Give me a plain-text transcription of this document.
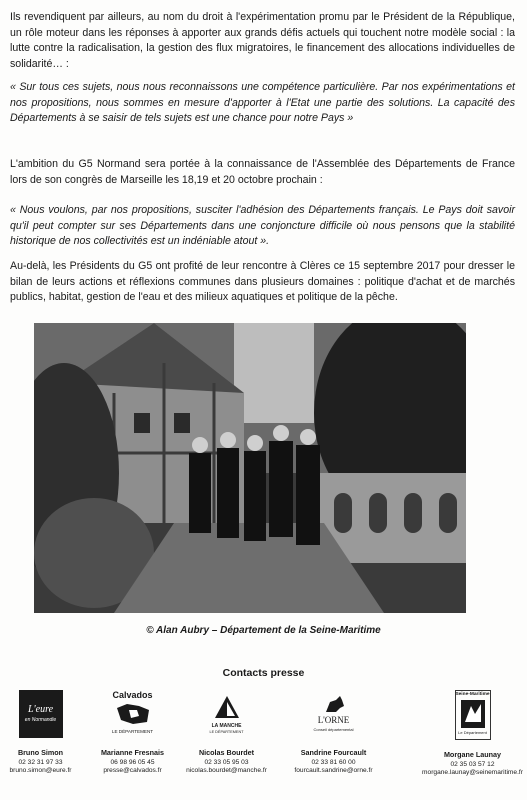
Ils revendiquent par ailleurs, au nom du droit à l'expérimentation promu par le Président de la République, un rôle moteur dans les réponses à apporter aux grands défis actuels qui touchent notre modèle social : la lutte contre la radicalisation, la gestion des flux migratoires, le financement des allocations individuelles de solidarité… :

« Sur tous ces sujets, nous nous reconnaissons une compétence particulière. Par nos expérimentations et nos propositions, nous sommes en mesure d'apporter à l'Etat une partie des solutions. La capacité des Départements à se saisir de tels sujets est une chance pour notre Pays »

L'ambition du G5 Normand sera portée à la connaissance de l'Assemblée des Départements de France lors de son congrès de Marseille les 18,19 et 20 octobre prochain :

« Nous voulons, par nos propositions, susciter l'adhésion des Départements français. Le Pays doit savoir qu'il peut compter sur ses Départements dans une conjoncture difficile où nous pensons que la stabilité historique de nos collectivités est un indéniable atout ».

Au-delà, les Présidents du G5 ont profité de leur rencontre à Clères ce 15 septembre 2017 pour dresser le bilan de leurs actions et réflexions communes dans plusieurs domaines : politique d'achat et de marchés publics, habitat, gestion de l'eau et des milieux aquatiques et politique de la pêche.

© Alan Aubry – Département de la Seine-Maritime
Contacts presse
L'eure
en Normandie
Bruno Simon
02 32 31 97 33
bruno.simon@eure.fr
Calvados
LE DÉPARTEMENT
Marianne Fresnais
06 98 96 05 45
presse@calvados.fr
LA MANCHE
LE DÉPARTEMENT
Nicolas Bourdet
02 33 05 95 03
nicolas.bourdet@manche.fr
L'ORNE
Conseil départemental
Sandrine Fourcault
02 33 81 60 00
fourcault.sandrine@orne.fr
Seine-Maritime
Le Département
Morgane Launay
02 35 03 57 12
morgane.launay@seinemaritime.fr
